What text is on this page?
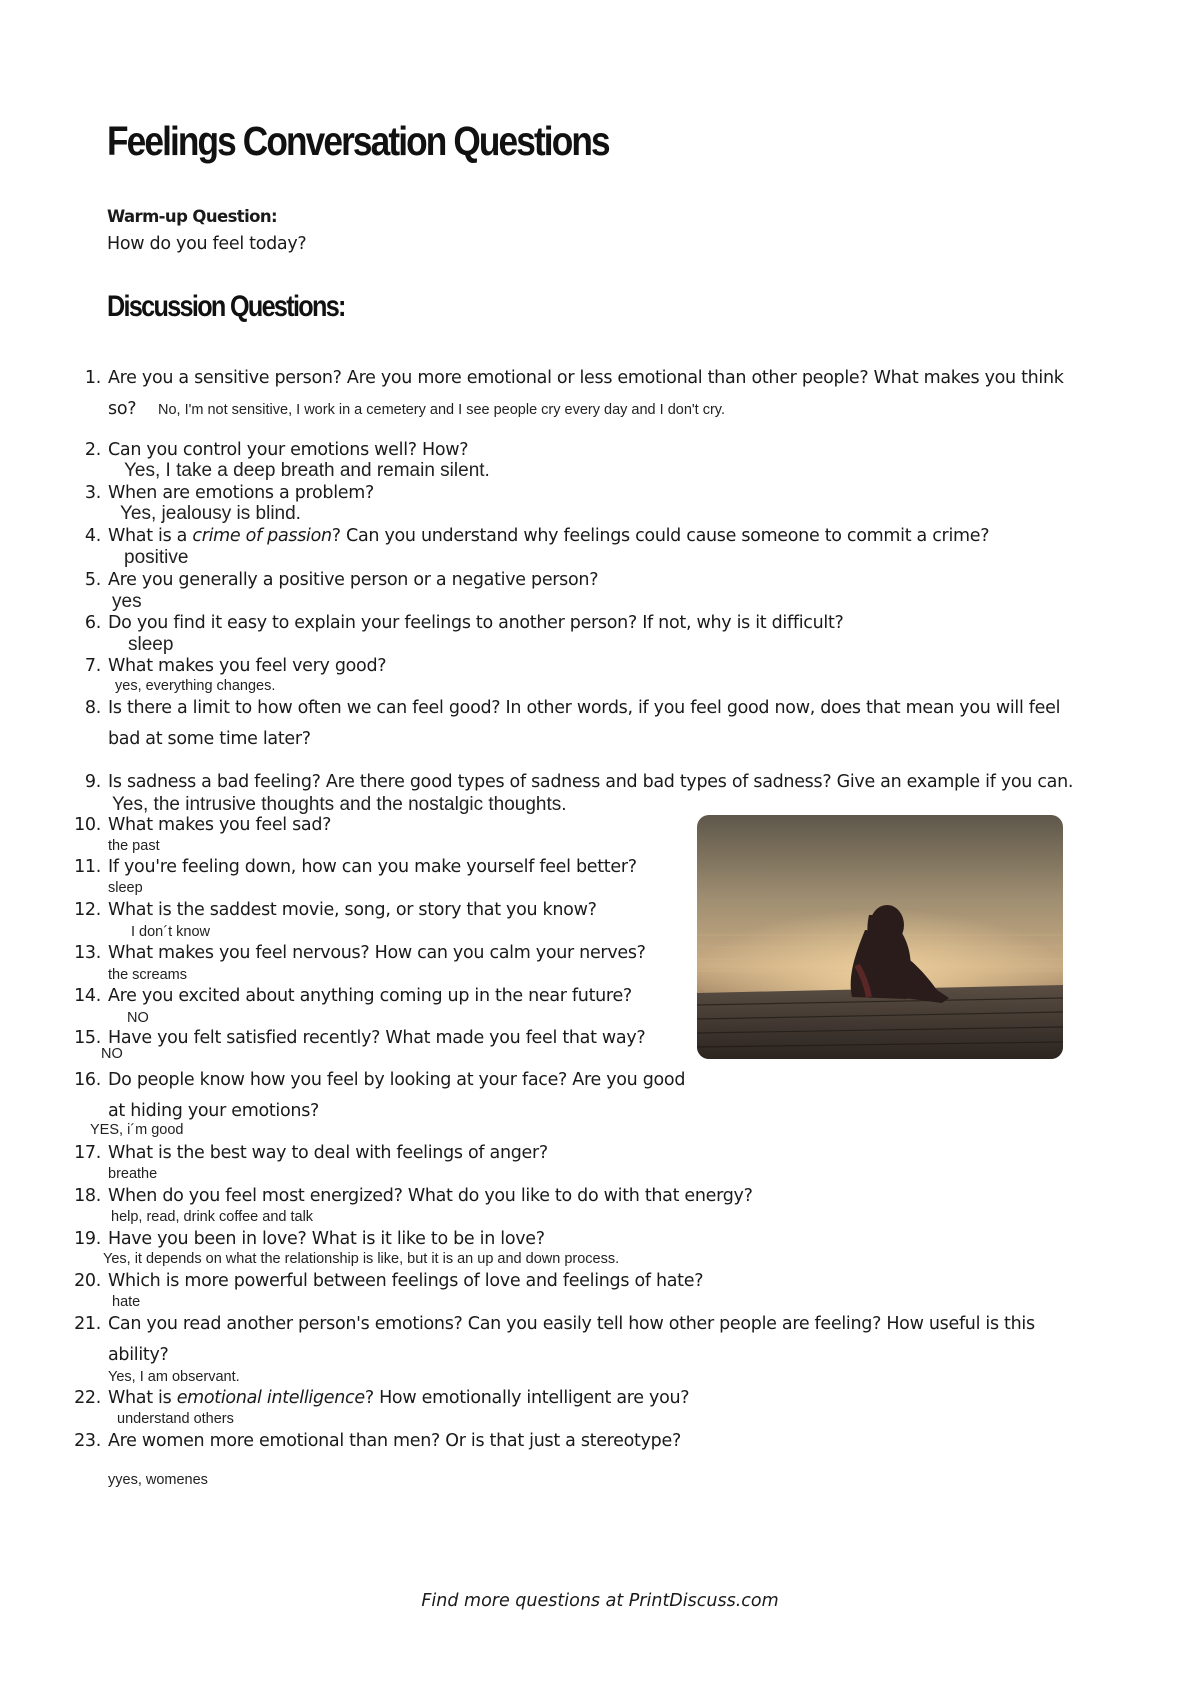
Feelings Conversation Questions
Warm-up Question:
How do you feel today?
Discussion Questions:
1. Are you a sensitive person? Are you more emotional or less emotional than other people? What makes you think
so? No, I'm not sensitive, I work in a cemetery and I see people cry every day and I don't cry.
2. Can you control your emotions well? How?
Yes, I take a deep breath and remain silent.
3. When are emotions a problem?
Yes, jealousy is blind.
4. What is a crime of passion? Can you understand why feelings could cause someone to commit a crime?
positive
5. Are you generally a positive person or a negative person?
yes
6. Do you find it easy to explain your feelings to another person? If not, why is it difficult?
sleep
7. What makes you feel very good?
yes, everything changes.
8. Is there a limit to how often we can feel good? In other words, if you feel good now, does that mean you will feel
bad at some time later?
9. Is sadness a bad feeling? Are there good types of sadness and bad types of sadness? Give an example if you can.
Yes, the intrusive thoughts and the nostalgic thoughts.
10. What makes you feel sad?
the past
11. If you're feeling down, how can you make yourself feel better?
sleep
12. What is the saddest movie, song, or story that you know?
I don´t know
13. What makes you feel nervous? How can you calm your nerves?
the screams
14. Are you excited about anything coming up in the near future?
NO
15. Have you felt satisfied recently? What made you feel that way?
NO
16. Do people know how you feel by looking at your face? Are you good
at hiding your emotions?
YES, i´m good
17. What is the best way to deal with feelings of anger?
breathe
18. When do you feel most energized? What do you like to do with that energy?
help, read, drink coffee and talk
19. Have you been in love? What is it like to be in love?
Yes, it depends on what the relationship is like, but it is an up and down process.
20. Which is more powerful between feelings of love and feelings of hate?
hate
21. Can you read another person's emotions? Can you easily tell how other people are feeling? How useful is this
ability?
Yes, I am observant.
22. What is emotional intelligence? How emotionally intelligent are you?
understand others
23. Are women more emotional than men? Or is that just a stereotype?
yyes, womenes
Find more questions at PrintDiscuss.com
